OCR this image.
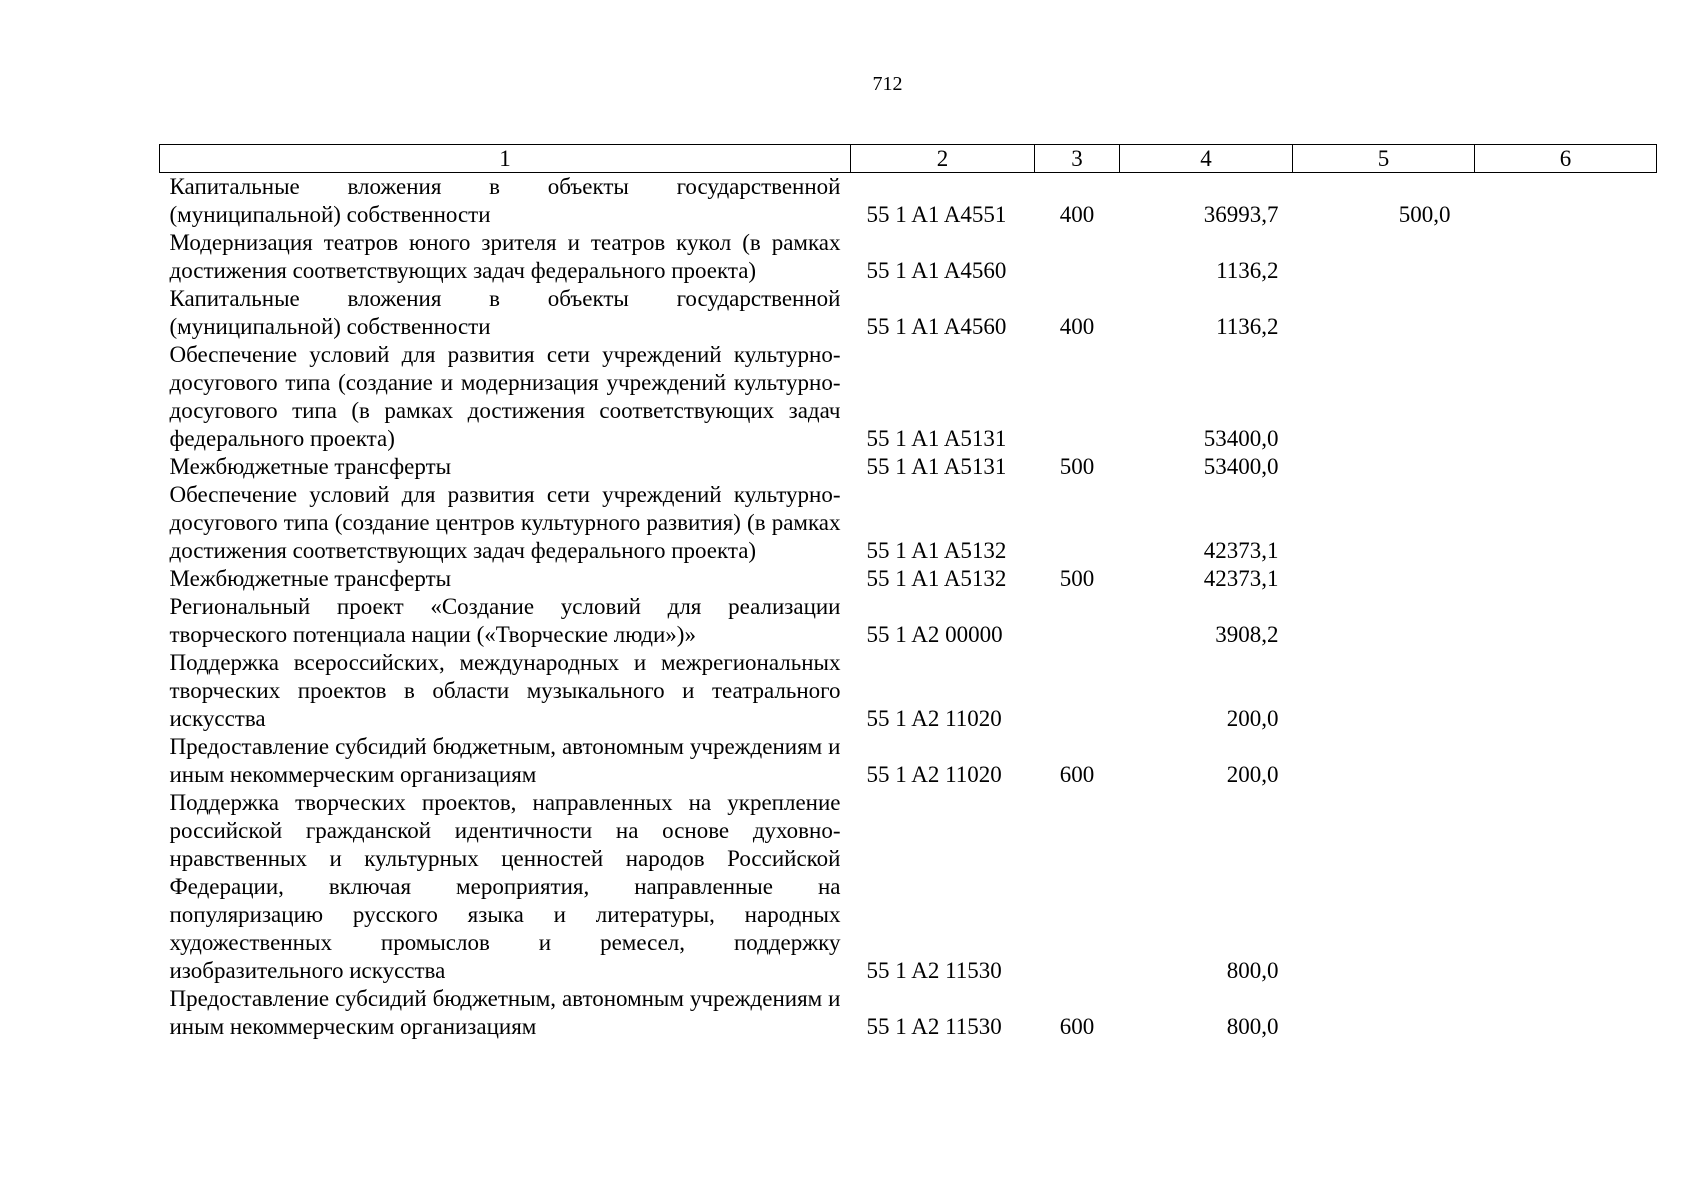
712
1	2	3	4	5	6
Капитальные вложения в объекты государственной (муниципальной) собственности	55 1 A1 A4551	400	36993,7	500,0	
Модернизация театров юного зрителя и театров кукол (в рамках достижения соответствующих задач федерального проекта)	55 1 A1 A4560		1136,2		
Капитальные вложения в объекты государственной (муниципальной) собственности	55 1 A1 A4560	400	1136,2		
Обеспечение условий для развития сети учреждений культурно-досугового типа (создание и модернизация учреждений культурно-досугового типа (в рамках достижения соответствующих задач федерального проекта)	55 1 A1 A5131		53400,0		
Межбюджетные трансферты	55 1 A1 A5131	500	53400,0		
Обеспечение условий для развития сети учреждений культурно-досугового типа (создание центров культурного развития) (в рамках достижения соответствующих задач федерального проекта)	55 1 A1 A5132		42373,1		
Межбюджетные трансферты	55 1 A1 A5132	500	42373,1		
Региональный проект «Создание условий для реализации творческого потенциала нации («Творческие люди»)»	55 1 A2 00000		3908,2		
Поддержка всероссийских, международных и межрегиональных творческих проектов в области музыкального и театрального искусства	55 1 A2 11020		200,0		
Предоставление субсидий бюджетным, автономным учреждениям и иным некоммерческим организациям	55 1 A2 11020	600	200,0		
Поддержка творческих проектов, направленных на укрепление российской гражданской идентичности на основе духовно-нравственных и культурных ценностей народов Российской Федерации, включая мероприятия, направленные на популяризацию русского языка и литературы, народных художественных промыслов и ремесел, поддержку изобразительного искусства	55 1 A2 11530		800,0		
Предоставление субсидий бюджетным, автономным учреждениям и иным некоммерческим организациям	55 1 A2 11530	600	800,0		
